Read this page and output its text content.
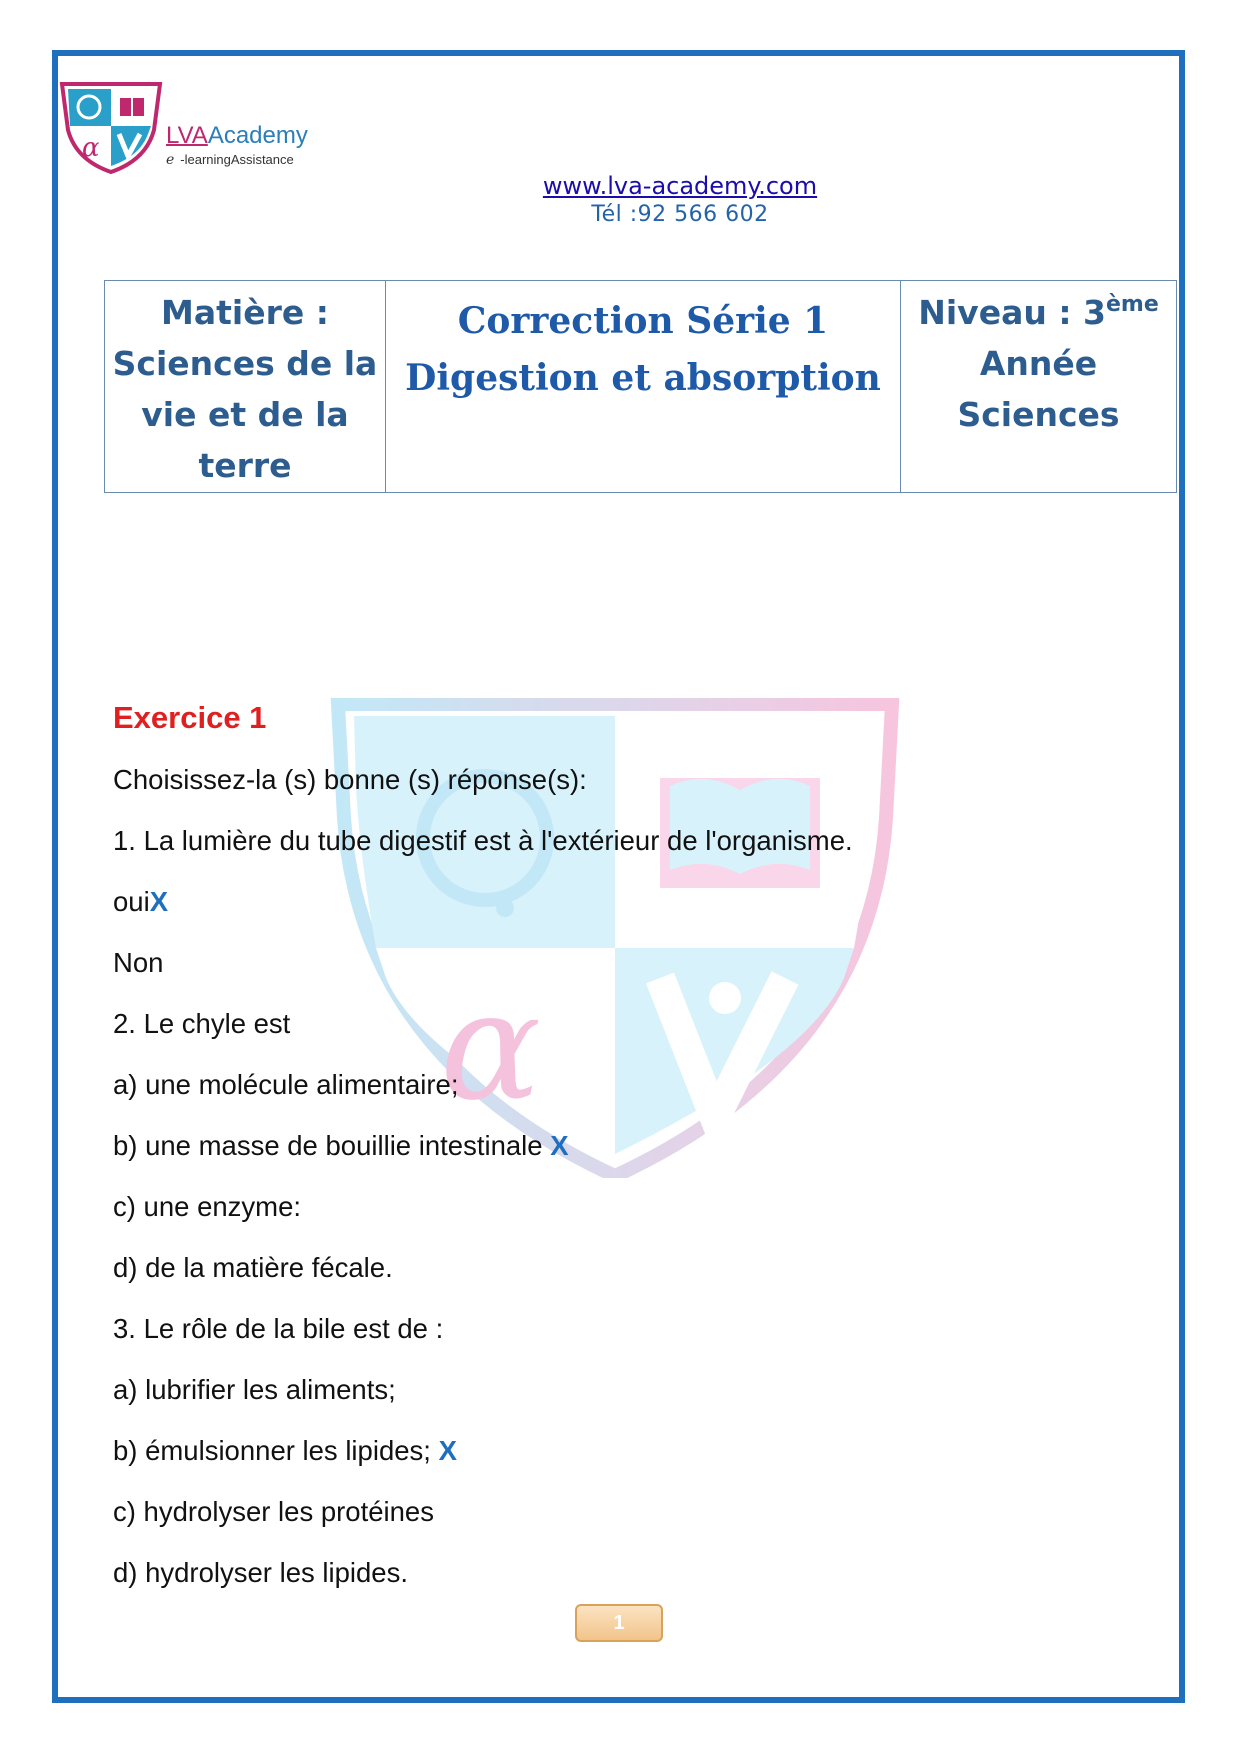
α	LVAAcademy
e -learningAssistance
www.lva-academy.com
Tél :92 566 602
Matière :
Sciences de la
vie et de la
terre

Correction Série 1
Digestion et absorption

Niveau : 3ème
Année
Sciences
α
Exercice 1
Choisissez-la (s) bonne (s) réponse(s):
1. La lumière du tube digestif est à l'extérieur de l'organisme.
ouiX
Non
2. Le chyle est
a) une molécule alimentaire;
b) une masse de bouillie intestinale X
c) une enzyme:
d) de la matière fécale.
3. Le rôle de la bile est de :
a) lubrifier les aliments;
b) émulsionner les lipides; X
c) hydrolyser les protéines
d) hydrolyser les lipides.
1
